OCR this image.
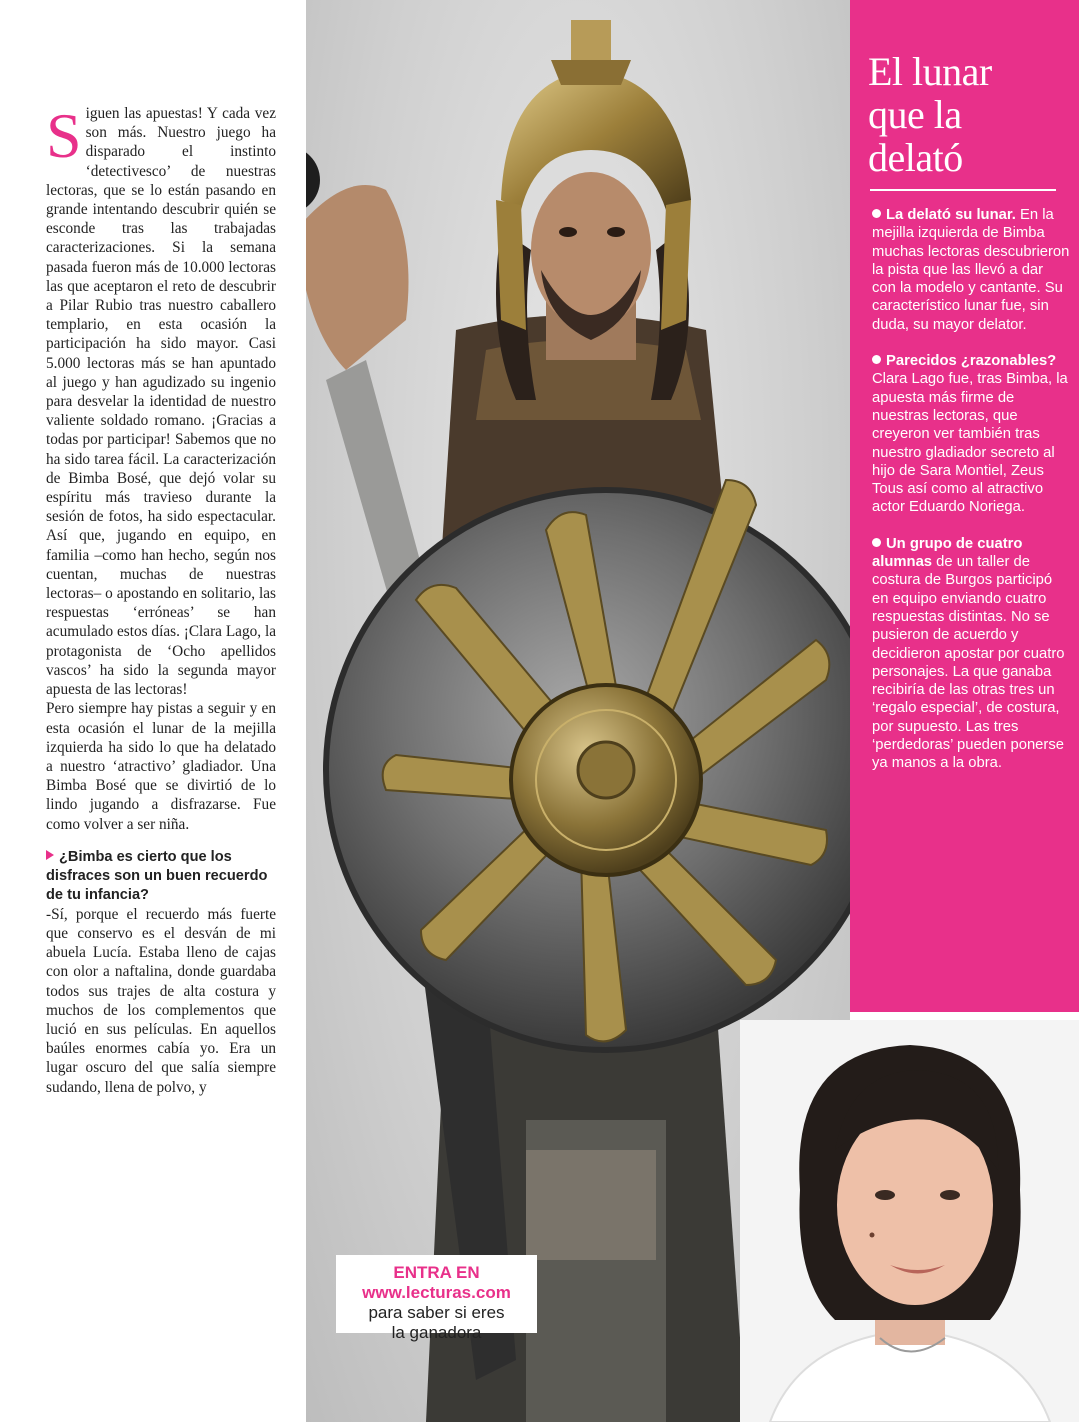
Siguen las apuestas! Y cada vez son más. Nuestro juego ha disparado el instinto ‘detectivesco’ de nuestras lectoras, que se lo están pasando en grande intentando descubrir quién se esconde tras las trabajadas caracterizaciones. Si la semana pasada fueron más de 10.000 lectoras las que aceptaron el reto de descubrir a Pilar Rubio tras nuestro caballero templario, en esta ocasión la participación ha sido mayor. Casi 5.000 lectoras más se han apuntado al juego y han agudizado su ingenio para desvelar la identidad de nuestro valiente soldado romano. ¡Gracias a todas por participar! Sabemos que no ha sido tarea fácil. La caracterización de Bimba Bosé, que dejó volar su espíritu más travieso durante la sesión de fotos, ha sido espectacular. Así que, jugando en equipo, en familia –como han hecho, según nos cuentan, muchas de nuestras lectoras– o apostando en solitario, las respuestas ‘erróneas’ se han acumulado estos días. ¡Clara Lago, la protagonista de ‘Ocho apellidos vascos’ ha sido la segunda mayor apuesta de las lectoras!

Pero siempre hay pistas a seguir y en esta ocasión el lunar de la mejilla izquierda ha sido lo que ha delatado a nuestro ‘atractivo’ gladiador. Una Bimba Bosé que se divirtió de lo lindo jugando a disfrazarse. Fue como volver a ser niña.

¿Bimba es cierto que los disfraces son un buen recuerdo de tu infancia?

-Sí, porque el recuerdo más fuerte que conservo es el desván de mi abuela Lucía. Estaba lleno de cajas con olor a naftalina, donde guardaba todos sus trajes de alta costura y muchos de los complementos que lució en sus películas. En aquellos baúles enormes cabía yo. Era un lugar oscuro del que salía siempre sudando, llena de polvo, y

El lunar
que la
delató

La delató su lunar. En la mejilla izquierda de Bimba muchas lectoras descubrieron la pista que las llevó a dar con la modelo y cantante. Su característico lunar fue, sin duda, su mayor delator.

Parecidos ¿razonables? Clara Lago fue, tras Bimba, la apuesta más firme de nuestras lectoras, que creyeron ver también tras nuestro gladiador secreto al hijo de Sara Montiel, Zeus Tous así como al atractivo actor Eduardo Noriega.

Un grupo de cuatro alumnas de un taller de costura de Burgos participó en equipo enviando cuatro respuestas distintas. No se pusieron de acuerdo y decidieron apostar por cuatro personajes. La que ganaba recibiría de las otras tres un ‘regalo especial’, de costura, por supuesto. Las tres ‘perdedoras’ pueden ponerse ya manos a la obra.

ENTRA EN
www.lecturas.com
para saber si eres
la ganadora
